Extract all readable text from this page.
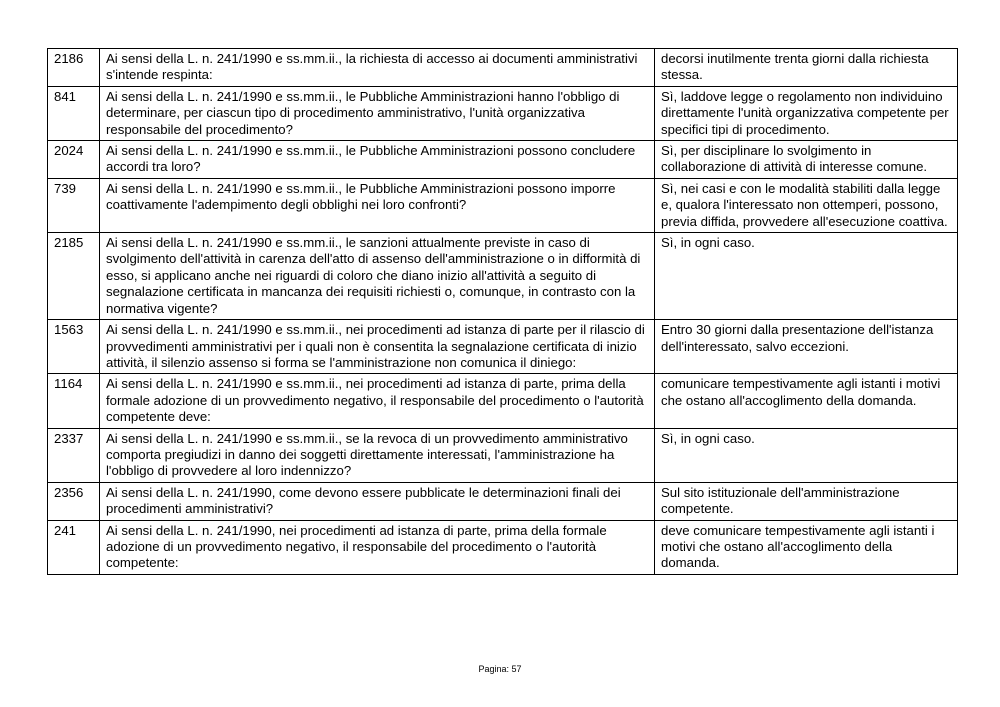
2186	Ai sensi della L. n. 241/1990 e ss.mm.ii., la richiesta di accesso ai documenti amministrativi s'intende respinta:	decorsi inutilmente trenta giorni dalla richiesta stessa.
841	Ai sensi della L. n. 241/1990 e ss.mm.ii., le Pubbliche Amministrazioni hanno l'obbligo di determinare, per ciascun tipo di procedimento amministrativo, l'unità organizzativa responsabile del procedimento?	Sì, laddove legge o regolamento non individuino direttamente l'unità organizzativa competente per specifici tipi di procedimento.
2024	Ai sensi della L. n. 241/1990 e ss.mm.ii., le Pubbliche Amministrazioni possono concludere accordi tra loro?	Sì, per disciplinare lo svolgimento in collaborazione di attività di interesse comune.
739	Ai sensi della L. n. 241/1990 e ss.mm.ii., le Pubbliche Amministrazioni possono imporre coattivamente l'adempimento degli obblighi nei loro confronti?	Sì, nei casi e con le modalità stabiliti dalla legge e, qualora l'interessato non ottemperi, possono, previa diffida, provvedere all'esecuzione coattiva.
2185	Ai sensi della L. n. 241/1990 e ss.mm.ii., le sanzioni attualmente previste in caso di svolgimento dell'attività in carenza dell'atto di assenso dell'amministrazione o in difformità di esso, si applicano anche nei riguardi di coloro che diano inizio all'attività a seguito di segnalazione certificata in mancanza dei requisiti richiesti o, comunque, in contrasto con la normativa vigente?	Sì, in ogni caso.
1563	Ai sensi della L. n. 241/1990 e ss.mm.ii., nei procedimenti ad istanza di parte per il rilascio di provvedimenti amministrativi per i quali non è consentita la segnalazione certificata di inizio attività, il silenzio assenso si forma se l'amministrazione non comunica il diniego:	Entro 30 giorni dalla presentazione dell'istanza dell'interessato, salvo eccezioni.
1164	Ai sensi della L. n. 241/1990 e ss.mm.ii., nei procedimenti ad istanza di parte, prima della formale adozione di un provvedimento negativo, il responsabile del procedimento o l'autorità competente deve:	comunicare tempestivamente agli istanti i motivi che ostano all'accoglimento della domanda.
2337	Ai sensi della L. n. 241/1990 e ss.mm.ii., se la revoca di un provvedimento amministrativo comporta pregiudizi in danno dei soggetti direttamente interessati, l'amministrazione ha l'obbligo di provvedere al loro indennizzo?	Sì, in ogni caso.
2356	Ai sensi della L. n. 241/1990, come devono essere pubblicate le determinazioni finali dei procedimenti amministrativi?	Sul sito istituzionale dell'amministrazione competente.
241	Ai sensi della L. n. 241/1990, nei procedimenti ad istanza di parte, prima della formale adozione di un provvedimento negativo, il responsabile del procedimento o l'autorità competente:	deve comunicare tempestivamente agli istanti i motivi che ostano all'accoglimento della domanda.
Pagina: 57
